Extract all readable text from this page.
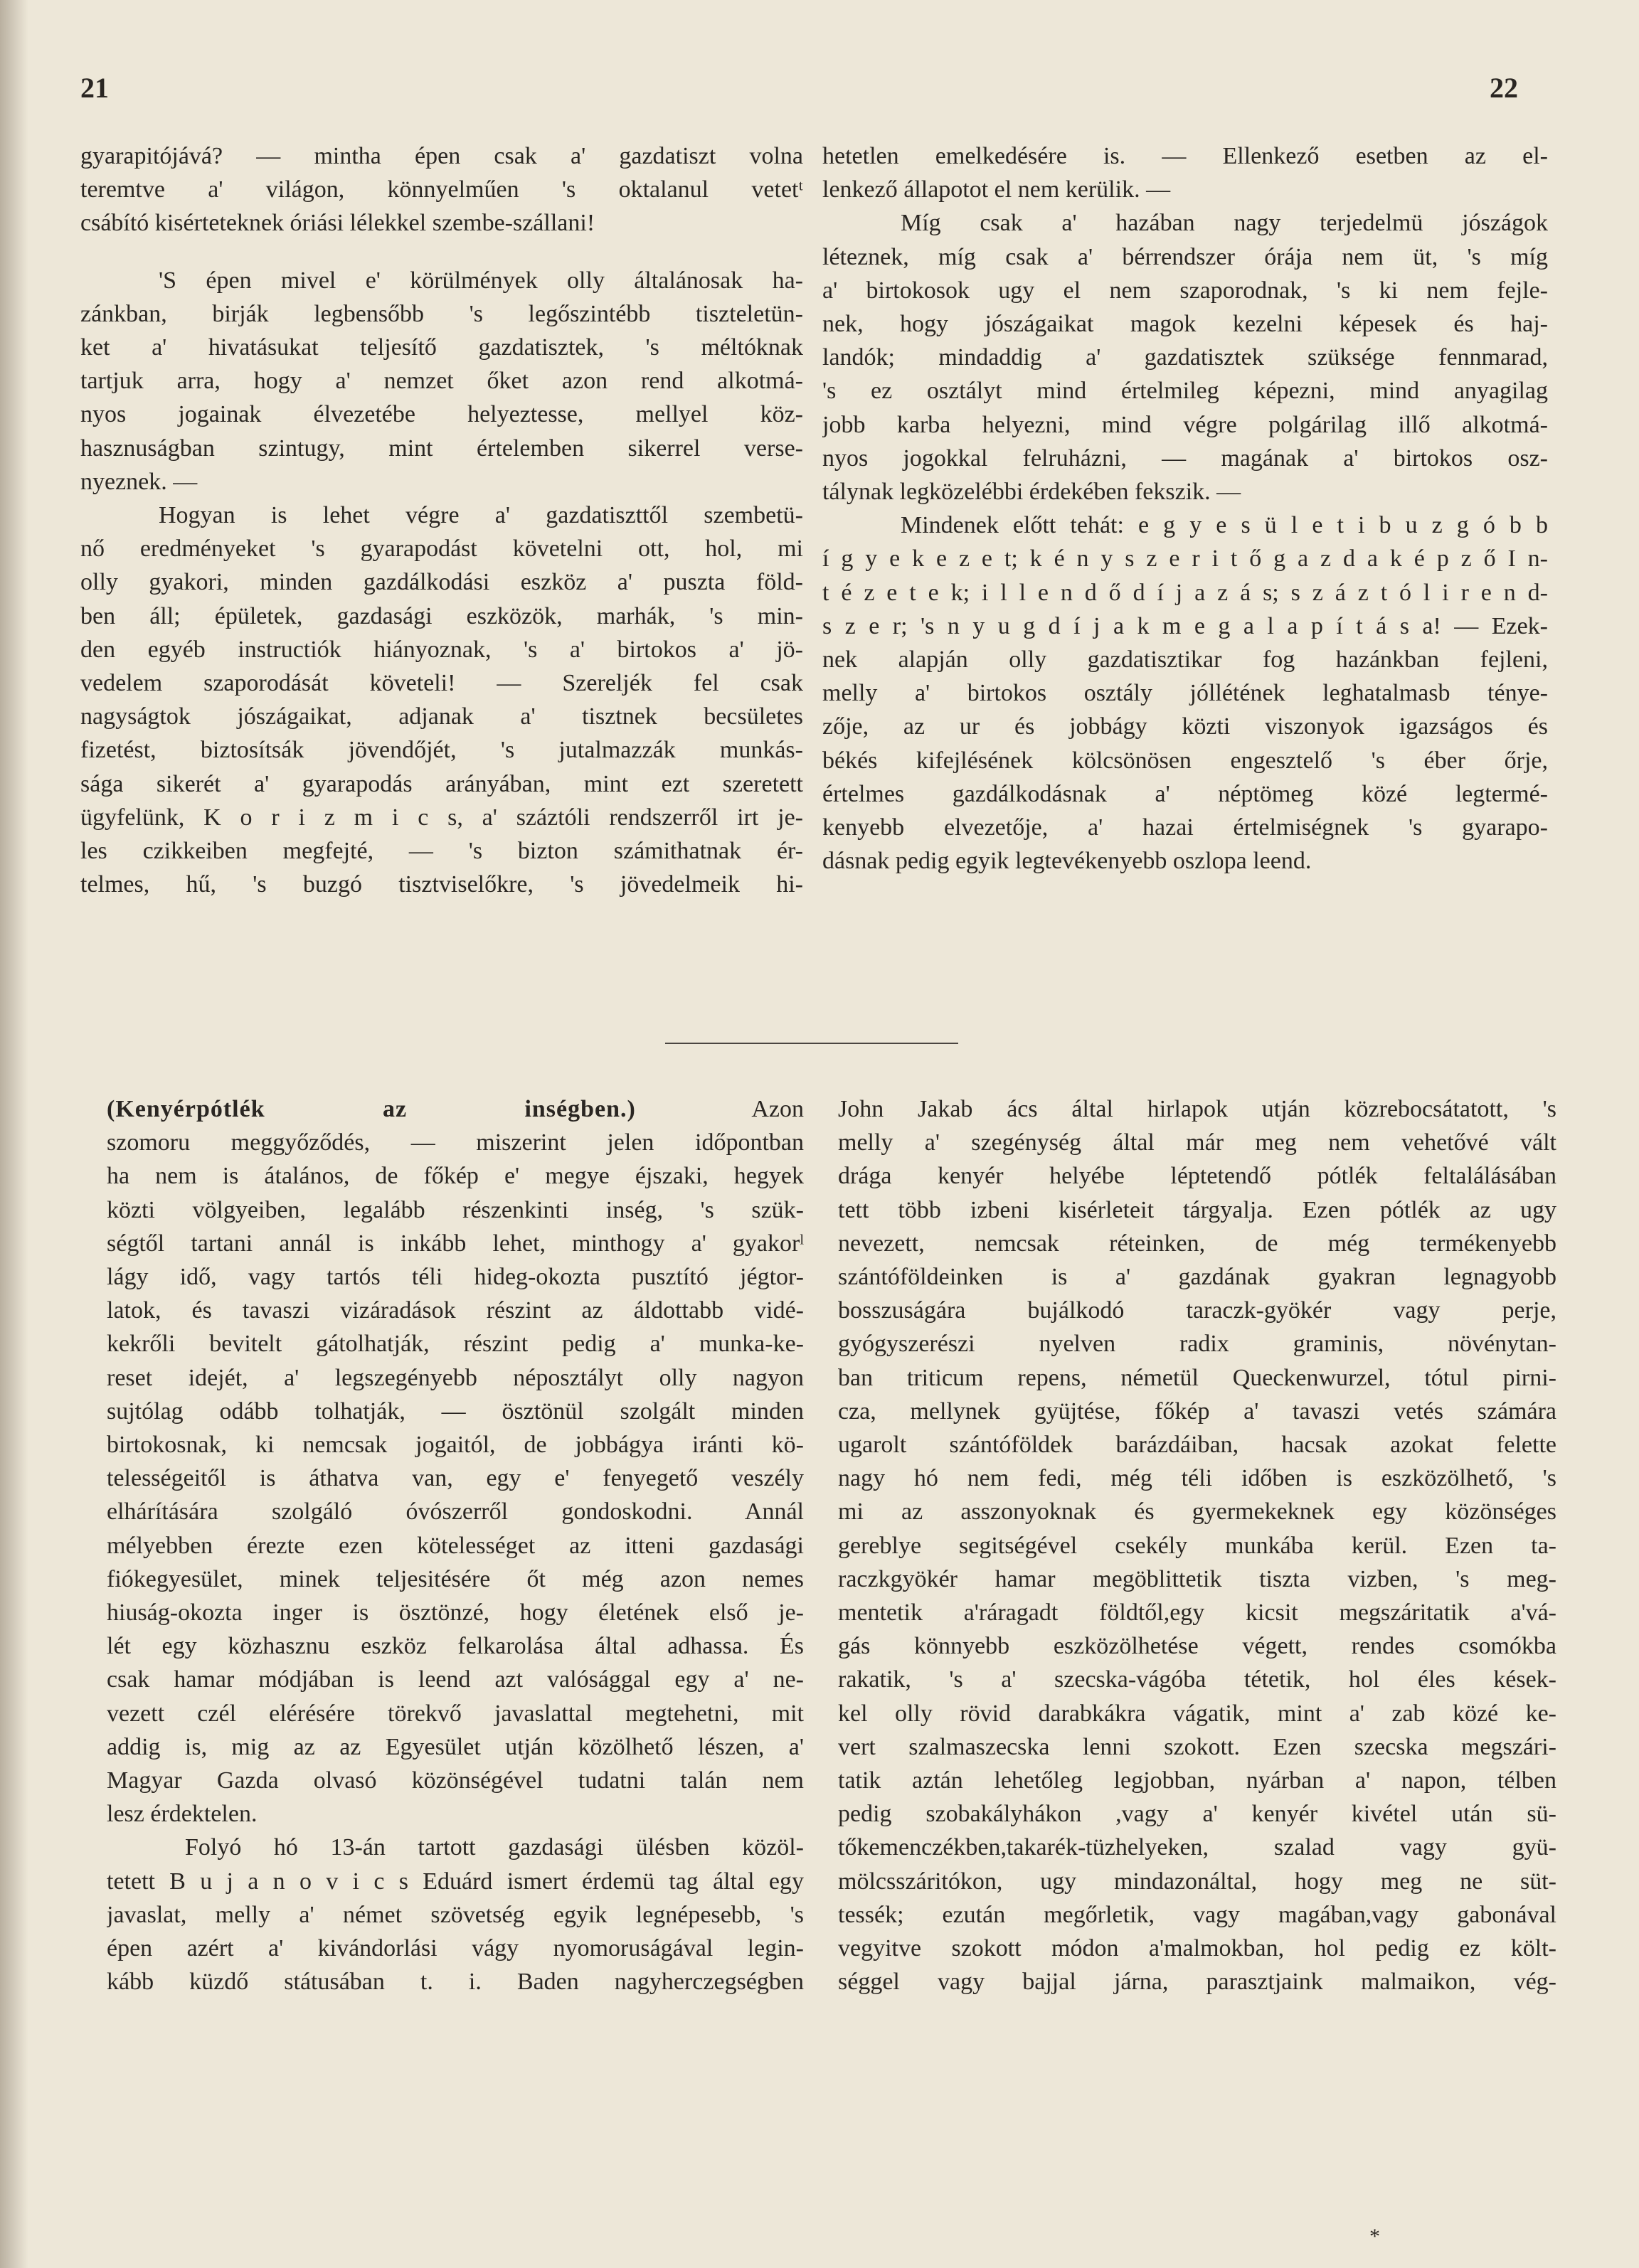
21	22

gyarapitójává? — mintha épen csak a' gazdatiszt volna

teremtve a' világon, könnyelműen 's oktalanul vetetᵗ

csábító kisérteteknek óriási lélekkel szembe-szállani!

'S épen mivel e' körülmények olly általánosak ha-

zánkban, birják legbensőbb 's legőszintébb tiszteletün-

ket a' hivatásukat teljesítő gazdatisztek, 's méltóknak

tartjuk arra, hogy a' nemzet őket azon rend alkotmá-

nyos jogainak élvezetébe helyeztesse, mellyel köz-

hasznuságban szintugy, mint értelemben sikerrel verse-

nyeznek. —

Hogyan is lehet végre a' gazdatiszttől szembetü-

nő eredményeket 's gyarapodást követelni ott, hol, mi

olly gyakori, minden gazdálkodási eszköz a' puszta föld-

ben áll; épületek, gazdasági eszközök, marhák, 's min-

den egyéb instructiók hiányoznak, 's a' birtokos a' jö-

vedelem szaporodását követeli! — Szereljék fel csak

nagyságtok jószágaikat, adjanak a' tisztnek becsületes

fizetést, biztosítsák jövendőjét, 's jutalmazzák munkás-

sága sikerét a' gyarapodás arányában, mint ezt szeretett

ügyfelünk, K o r i z m i c s, a' száztóli rendszerről irt je-

les czikkeiben megfejté, — 's bizton számithatnak ér-

telmes, hű, 's buzgó tisztviselőkre, 's jövedelmeik hi-

hetetlen emelkedésére is. — Ellenkező esetben az el-

lenkező állapotot el nem kerülik. —

Míg csak a' hazában nagy terjedelmü jószágok

léteznek, míg csak a' bérrendszer órája nem üt, 's míg

a' birtokosok ugy el nem szaporodnak, 's ki nem fejle-

nek, hogy jószágaikat magok kezelni képesek és haj-

landók; mindaddig a' gazdatisztek szüksége fennmarad,

's ez osztályt mind értelmileg képezni, mind anyagilag

jobb karba helyezni, mind végre polgárilag illő alkotmá-

nyos jogokkal felruházni, — magának a' birtokos osz-

tálynak legközelébbi érdekében fekszik. —

Mindenek előtt tehát: e g y e s ü l e t i b u z g ó b b

í g y e k e z e t; k é n y s z e r i t ő g a z d a k é p z ő I n-

t é z e t e k; i l l e n d ő d í j a z á s; s z á z t ó l i r e n d-

s z e r; 's n y u g d í j a k m e g a l a p í t á s a! — Ezek-

nek alapján olly gazdatisztikar fog hazánkban fejleni,

melly a' birtokos osztály jóllétének leghatalmasb ténye-

zője, az ur és jobbágy közti viszonyok igazságos és

békés kifejlésének kölcsönösen engesztelő 's éber őrje,

értelmes gazdálkodásnak a' néptömeg közé legtermé-

kenyebb elvezetője, a' hazai értelmiségnek 's gyarapo-

dásnak pedig egyik legtevékenyebb oszlopa leend.

(Kenyérpótlék az inségben.)	Azon

szomoru meggyőződés, — miszerint jelen időpontban

ha nem is átalános, de főkép e' megye éjszaki, hegyek

közti völgyeiben, legalább részenkinti inség, 's szük-

ségtől tartani annál is inkább lehet, minthogy a' gyakorˡ

lágy idő, vagy tartós téli hideg-okozta pusztító jégtor-

latok, és tavaszi vizáradások részint az áldottabb vidé-

kekrőli bevitelt gátolhatják, részint pedig a' munka-ke-

reset idejét, a' legszegényebb néposztályt olly nagyon

sujtólag odább tolhatják, — ösztönül szolgált minden

birtokosnak, ki nemcsak jogaitól, de jobbágya iránti kö-

telességeitől is áthatva van, egy e' fenyegető veszély

elhárítására szolgáló óvószerről gondoskodni. Annál

mélyebben érezte ezen kötelességet az itteni gazdasági

fiókegyesület, minek teljesitésére őt még azon nemes

hiuság-okozta inger is ösztönzé, hogy életének első je-

lét egy közhasznu eszköz felkarolása által adhassa. És

csak hamar módjában is leend azt valósággal egy a' ne-

vezett czél elérésére törekvő javaslattal megtehetni, mit

addig is, mig az az Egyesület utján közölhető lészen, a'

Magyar Gazda olvasó közönségével tudatni talán nem

lesz érdektelen.

Folyó hó 13-án tartott gazdasági ülésben közöl-

tetett B u j a n o v i c s Eduárd ismert érdemü tag által egy

javaslat, melly a' német szövetség egyik legnépesebb, 's

épen azért a' kivándorlási vágy nyomoruságával legin-

kább küzdő státusában t. i. Baden nagyherczegségben

John Jakab ács által hirlapok utján közrebocsátatott, 's

melly a' szegénység által már meg nem vehetővé vált

drága kenyér helyébe léptetendő pótlék feltalálásában

tett több izbeni kisérleteit tárgyalja. Ezen pótlék az ugy

nevezett, nemcsak réteinken, de még termékenyebb

szántóföldeinken is a' gazdának gyakran legnagyobb

bosszuságára bujálkodó taraczk-gyökér vagy perje,

gyógyszerészi nyelven radix graminis, növénytan-

ban triticum repens, németül Queckenwurzel, tótul pirni-

cza, mellynek gyüjtése, főkép a' tavaszi vetés számára

ugarolt szántóföldek barázdáiban, hacsak azokat felette

nagy hó nem fedi, még téli időben is eszközölhető, 's

mi az asszonyoknak és gyermekeknek egy közönséges

gereblye segitségével csekély munkába kerül. Ezen ta-

raczkgyökér hamar megöblittetik tiszta vizben, 's meg-

mentetik a'ráragadt földtől,egy kicsit megszáritatik a'vá-

gás könnyebb eszközölhetése végett, rendes csomókba

rakatik, 's a' szecska-vágóba tétetik, hol éles kések-

kel olly rövid darabkákra vágatik, mint a' zab közé ke-

vert szalmaszecska lenni szokott. Ezen szecska megszári-

tatik aztán lehetőleg legjobban, nyárban a' napon, télben

pedig szobakályhákon ,vagy a' kenyér kivétel után sü-

tőkemenczékben,takarék-tüzhelyeken, szalad vagy gyü-

mölcsszáritókon, ugy mindazonáltal, hogy meg ne süt-

tessék; ezután megőrletik, vagy magában,vagy gabonával

vegyitve szokott módon a'malmokban, hol pedig ez költ-

séggel vagy bajjal járna, parasztjaink malmaikon, vég-

*
